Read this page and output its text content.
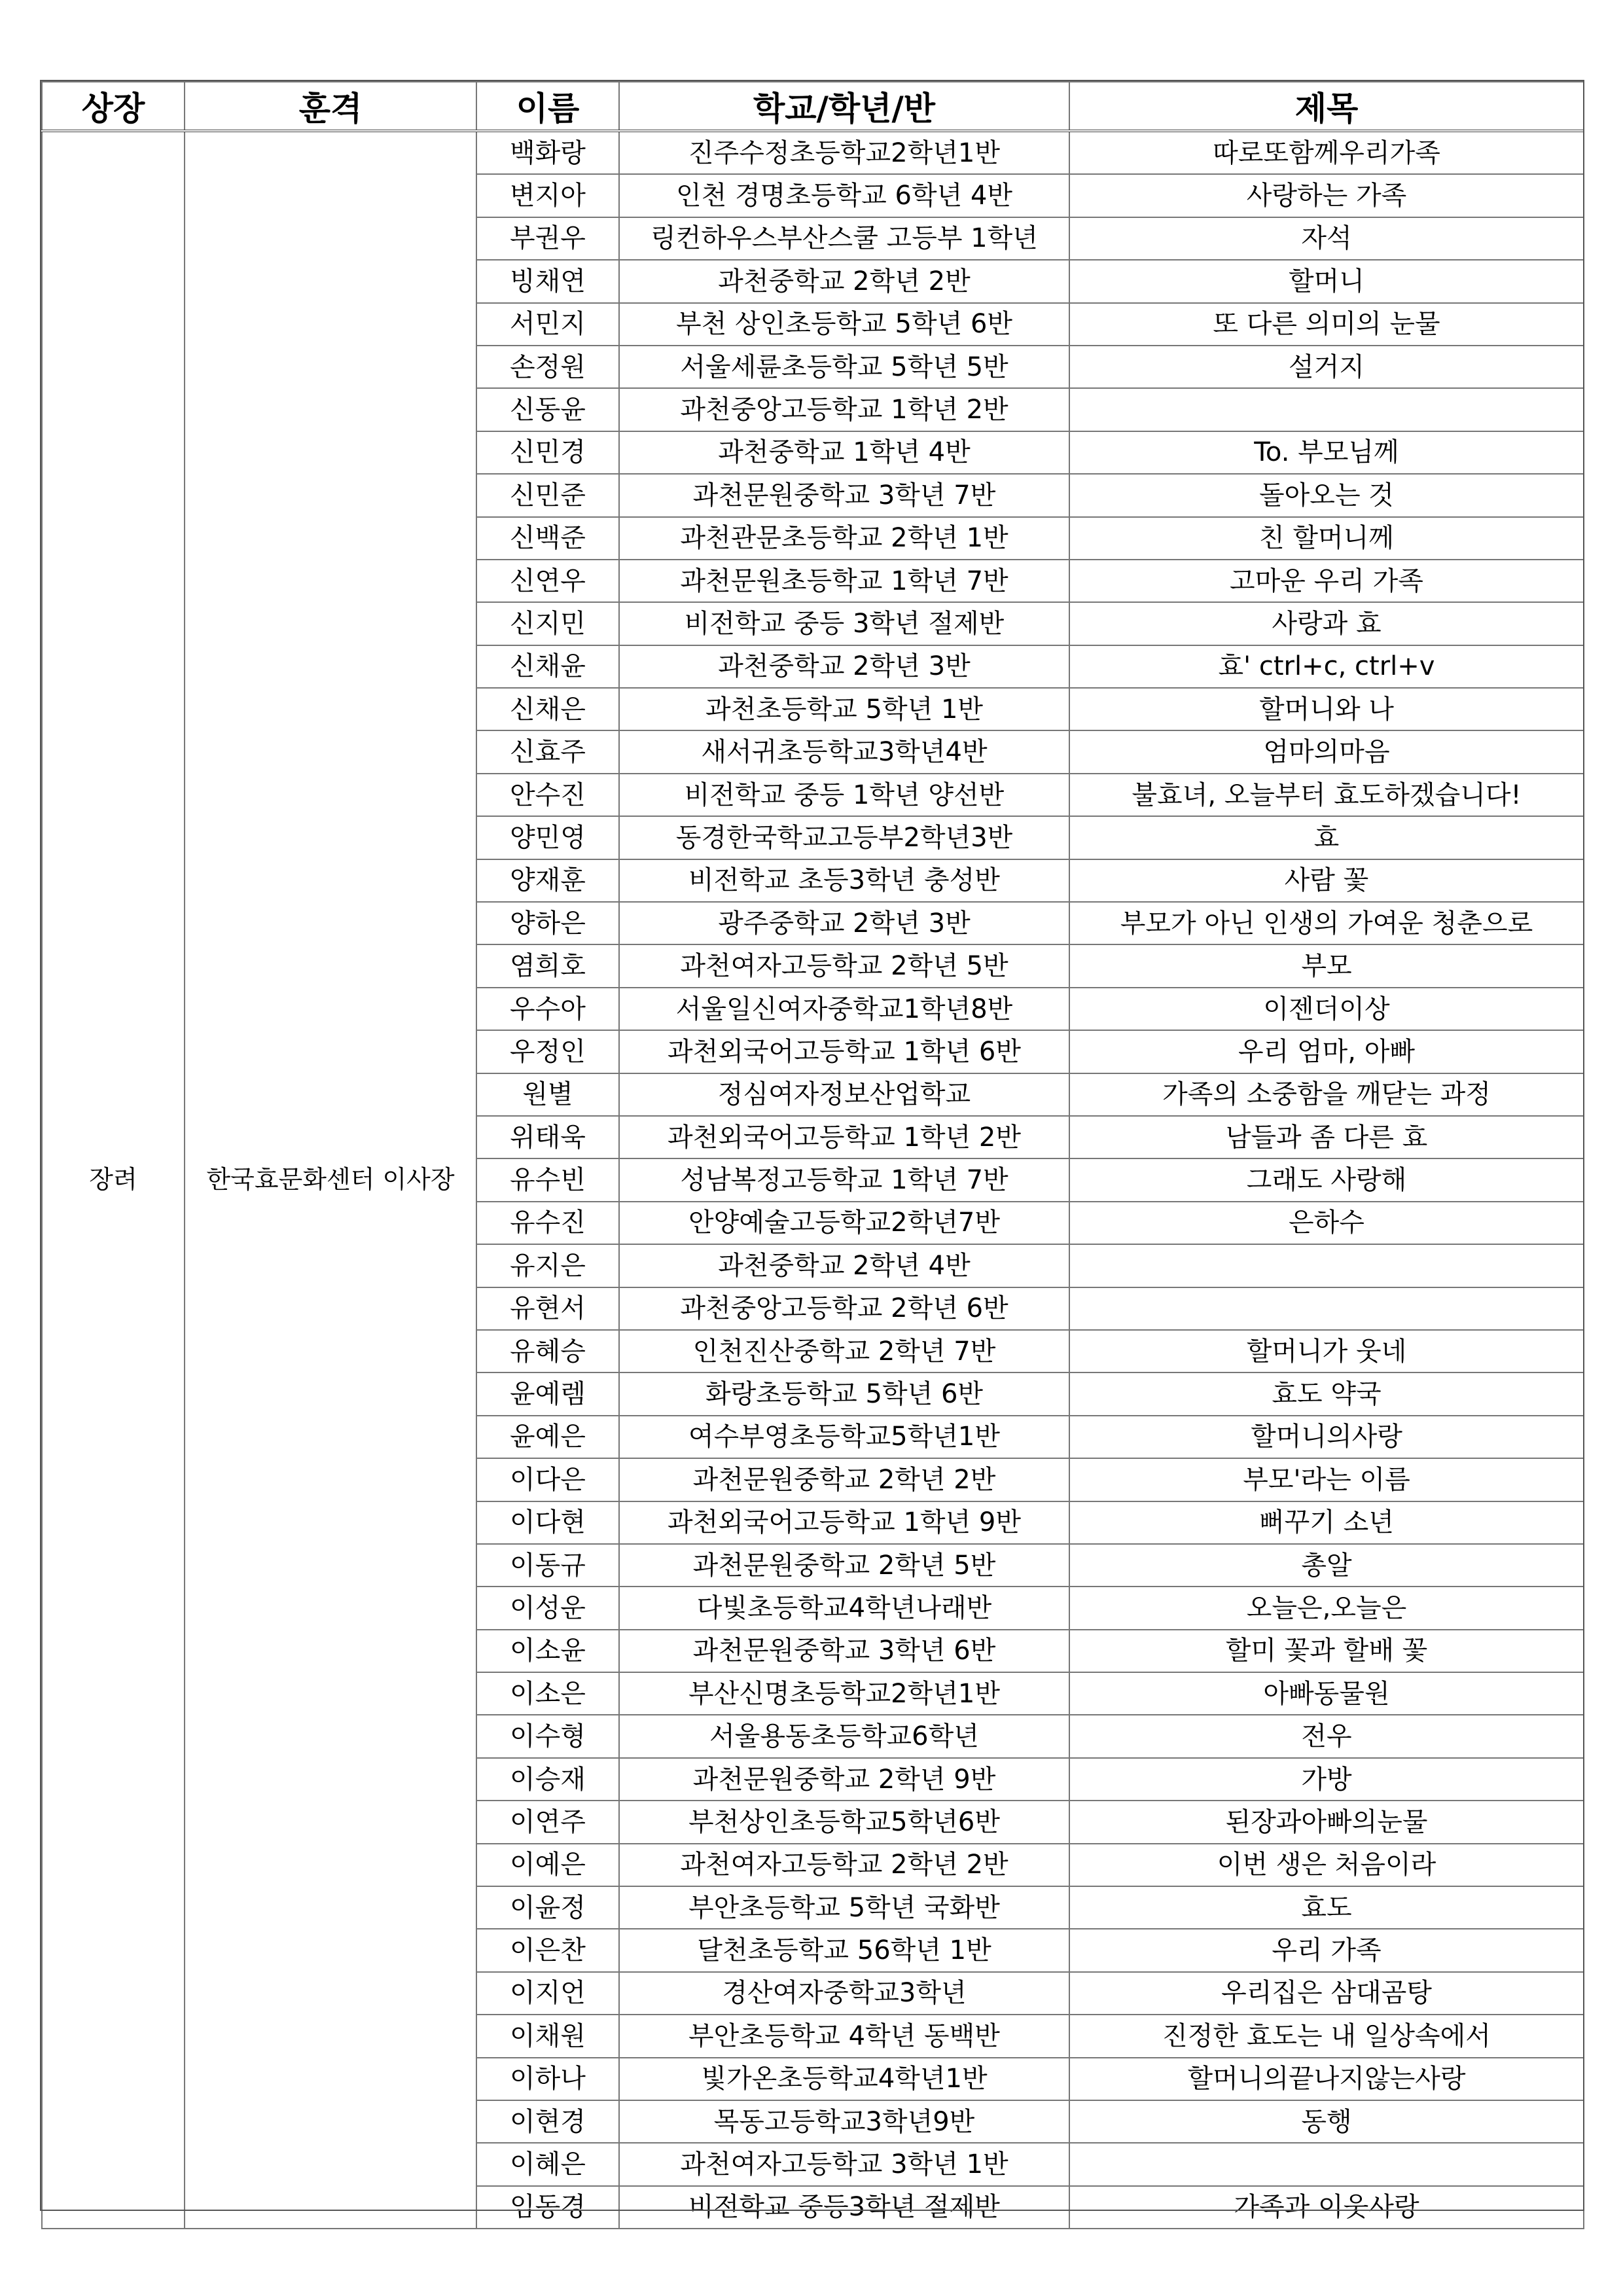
상장	훈격	이름	학교/학년/반	제목
장려	한국효문화센터 이사장	백화랑	진주수정초등학교2학년1반	따로또함께우리가족
		변지아	인천 경명초등학교 6학년 4반	사랑하는 가족
		부권우	링컨하우스부산스쿨 고등부 1학년	자석
		빙채연	과천중학교 2학년 2반	할머니
		서민지	부천 상인초등학교 5학년 6반	또 다른 의미의 눈물
		손정원	서울세륜초등학교 5학년 5반	설거지
		신동윤	과천중앙고등학교 1학년 2반	
		신민경	과천중학교 1학년 4반	To. 부모님께
		신민준	과천문원중학교 3학년 7반	돌아오는 것
		신백준	과천관문초등학교 2학년 1반	친 할머니께
		신연우	과천문원초등학교 1학년 7반	고마운 우리 가족
		신지민	비전학교 중등 3학년 절제반	사랑과 효
		신채윤	과천중학교 2학년 3반	효' ctrl+c, ctrl+v
		신채은	과천초등학교 5학년 1반	할머니와 나
		신효주	새서귀초등학교3학년4반	엄마의마음
		안수진	비전학교 중등 1학년 양선반	불효녀, 오늘부터 효도하겠습니다!
		양민영	동경한국학교고등부2학년3반	효
		양재훈	비전학교 초등3학년 충성반	사람 꽃
		양하은	광주중학교 2학년 3반	부모가 아닌 인생의 가여운 청춘으로
		염희호	과천여자고등학교 2학년 5반	부모
		우수아	서울일신여자중학교1학년8반	이젠더이상
		우정인	과천외국어고등학교 1학년 6반	우리 엄마, 아빠
		원별	정심여자정보산업학교	가족의 소중함을 깨닫는 과정
		위태욱	과천외국어고등학교 1학년 2반	남들과 좀 다른 효
		유수빈	성남복정고등학교 1학년 7반	그래도 사랑해
		유수진	안양예술고등학교2학년7반	은하수
		유지은	과천중학교 2학년 4반	
		유현서	과천중앙고등학교 2학년 6반	
		유혜승	인천진산중학교 2학년 7반	할머니가 웃네
		윤예렘	화랑초등학교 5학년 6반	효도 약국
		윤예은	여수부영초등학교5학년1반	할머니의사랑
		이다은	과천문원중학교 2학년 2반	부모'라는 이름
		이다현	과천외국어고등학교 1학년 9반	뻐꾸기 소년
		이동규	과천문원중학교 2학년 5반	총알
		이성운	다빛초등학교4학년나래반	오늘은,오늘은
		이소윤	과천문원중학교 3학년 6반	할미 꽃과 할배 꽃
		이소은	부산신명초등학교2학년1반	아빠동물원
		이수형	서울용동초등학교6학년	전우
		이승재	과천문원중학교 2학년 9반	가방
		이연주	부천상인초등학교5학년6반	된장과아빠의눈물
		이예은	과천여자고등학교 2학년 2반	이번 생은 처음이라
		이윤정	부안초등학교 5학년 국화반	효도
		이은찬	달천초등학교 56학년 1반	우리 가족
		이지언	경산여자중학교3학년	우리집은 삼대곰탕
		이채원	부안초등학교 4학년 동백반	진정한 효도는 내 일상속에서
		이하나	빛가온초등학교4학년1반	할머니의끝나지않는사랑
		이현경	목동고등학교3학년9반	동행
		이혜은	과천여자고등학교 3학년 1반	
		임동경	비전학교 중등3학년 절제반	가족과 이웃사랑
